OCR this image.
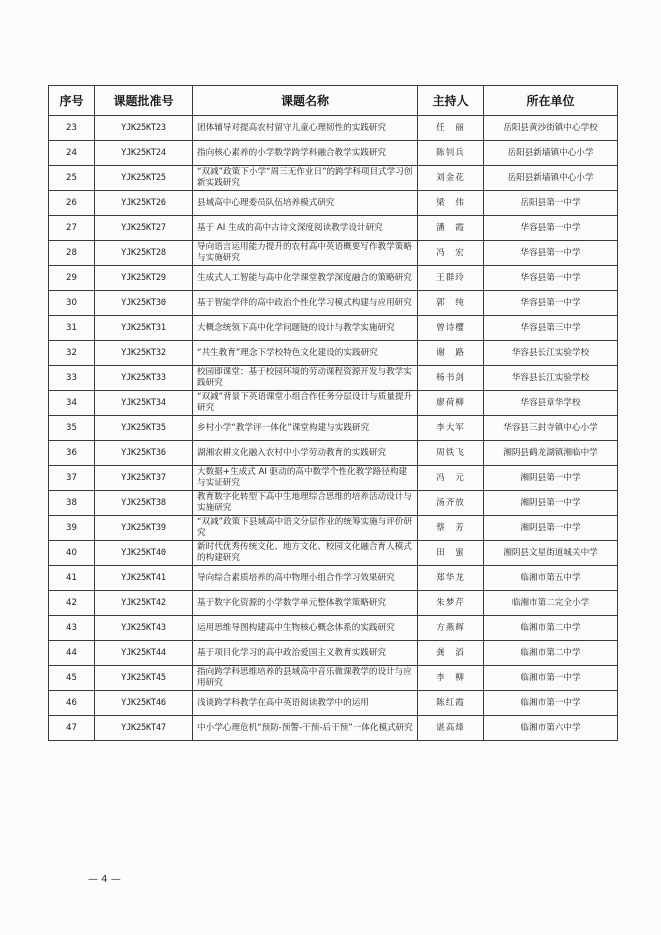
序号	课题批准号	课题名称	主持人	所在单位
23	YJK25KT23	团体辅导对提高农村留守儿童心理韧性的实践研究	任　丽	岳阳县黄沙街镇中心学校
24	YJK25KT24	指向核心素养的小学数学跨学科融合教学实践研究	陈钊兵	岳阳县新墙镇中心小学
25	YJK25KT25	“双减”政策下小学“周三无作业日”的跨学科项目式学习创新实践研究	刘金花	岳阳县新墙镇中心小学
26	YJK25KT26	县域高中心理委员队伍培养模式研究	梁　伟	岳阳县第一中学
27	YJK25KT27	基于 AI 生成的高中古诗文深度阅读教学设计研究	潘　霞	华容县第一中学
28	YJK25KT28	导向语言运用能力提升的农村高中英语概要写作教学策略与实施研究	冯　宏	华容县第一中学
29	YJK25KT29	生成式人工智能与高中化学课堂教学深度融合的策略研究	王群玲	华容县第一中学
30	YJK25KT30	基于智能学伴的高中政治个性化学习模式构建与应用研究	郭　纯	华容县第一中学
31	YJK25KT31	大概念统领下高中化学问题链的设计与教学实施研究	曾诗樱	华容县第三中学
32	YJK25KT32	“共生教育”理念下学校特色文化建设的实践研究	谢　路	华容县长江实验学校
33	YJK25KT33	校园即课堂：基于校园环境的劳动课程资源开发与教学实践研究	杨书剑	华容县长江实验学校
34	YJK25KT34	“双减”背景下英语课堂小组合作任务分层设计与质量提升研究	廖荷柳	华容县章华学校
35	YJK25KT35	乡村小学“教学评一体化”课堂构建与实践研究	李大军	华容县三封寺镇中心小学
36	YJK25KT36	湖湘农耕文化融入农村中小学劳动教育的实践研究	周铁飞	湘阴县鹤龙湖镇湘临中学
37	YJK25KT37	大数据+生成式 AI 驱动的高中数学个性化教学路径构建与实证研究	冯　元	湘阴县第一中学
38	YJK25KT38	教育数字化转型下高中生地理综合思维的培养活动设计与实施研究	汤齐放	湘阴县第一中学
39	YJK25KT39	“双减”政策下县域高中语文分层作业的统筹实施与评价研究	蔡　芳	湘阴县第一中学
40	YJK25KT40	新时代优秀传统文化、地方文化、校园文化融合育人模式的构建研究	田　蜜	湘阴县文星街道城关中学
41	YJK25KT41	导向综合素质培养的高中物理小组合作学习效果研究	郑华龙	临湘市第五中学
42	YJK25KT42	基于数字化资源的小学数学单元整体教学策略研究	朱梦芹	临湘市第二完全小学
43	YJK25KT43	运用思维导图构建高中生物核心概念体系的实践研究	方燕辉	临湘市第二中学
44	YJK25KT44	基于项目化学习的高中政治爱国主义教育实践研究	龚　滔	临湘市第二中学
45	YJK25KT45	指向跨学科思维培养的县域高中音乐微课教学的设计与应用研究	李　柳	临湘市第一中学
46	YJK25KT46	浅谈跨学科教学在高中英语阅读教学中的运用	陈红霞	临湘市第一中学
47	YJK25KT47	中小学心理危机“预防-预警-干预-后干预”一体化模式研究	谌高烽	临湘市第六中学
— 4 —
